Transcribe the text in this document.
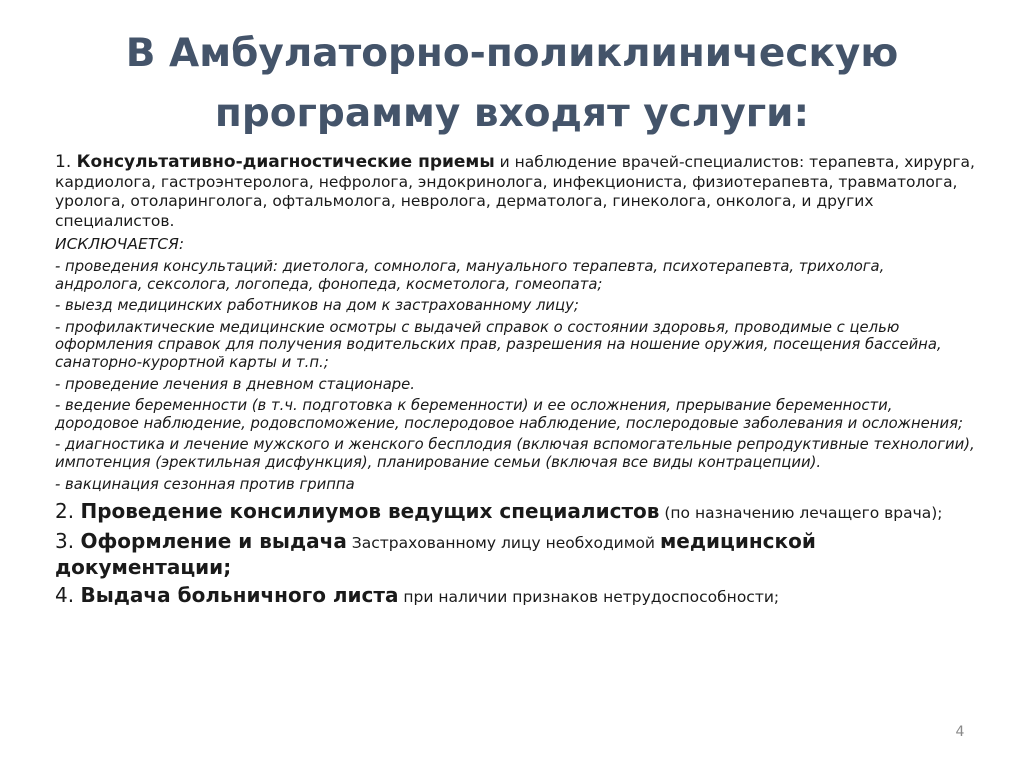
В Амбулаторно-поликлиническую программу входят услуги:

1. Консультативно-диагностические приемы и наблюдение врачей-специалистов: терапевта, хирурга, кардиолога, гастроэнтеролога, нефролога, эндокринолога, инфекциониста, физиотерапевта, травматолога, уролога, отоларинголога, офтальмолога, невролога, дерматолога, гинеколога, онколога, и других специалистов.

ИСКЛЮЧАЕТСЯ:

- проведения консультаций: диетолога, сомнолога, мануального терапевта, психотерапевта, трихолога, андролога, сексолога, логопеда, фонопеда, косметолога, гомеопата;

- выезд медицинских работников на дом к застрахованному лицу;

- профилактические медицинские осмотры с выдачей справок о состоянии здоровья, проводимые с целью оформления справок для получения водительских прав, разрешения на ношение оружия, посещения бассейна, санаторно-курортной карты и т.п.;

- проведение лечения в дневном стационаре.

- ведение беременности (в т.ч. подготовка к беременности) и ее осложнения, прерывание беременности, дородовое наблюдение, родовспоможение, послеродовое наблюдение, послеродовые заболевания и осложнения;

- диагностика и лечение мужского и женского бесплодия (включая вспомогательные репродуктивные технологии), импотенция (эректильная дисфункция), планирование семьи (включая все виды контрацепции).

- вакцинация сезонная против гриппа

2. Проведение консилиумов ведущих специалистов (по назначению лечащего врача);

3. Оформление и выдача Застрахованному лицу необходимой медицинской документации;

4. Выдача больничного листа при наличии признаков нетрудоспособности;

4
